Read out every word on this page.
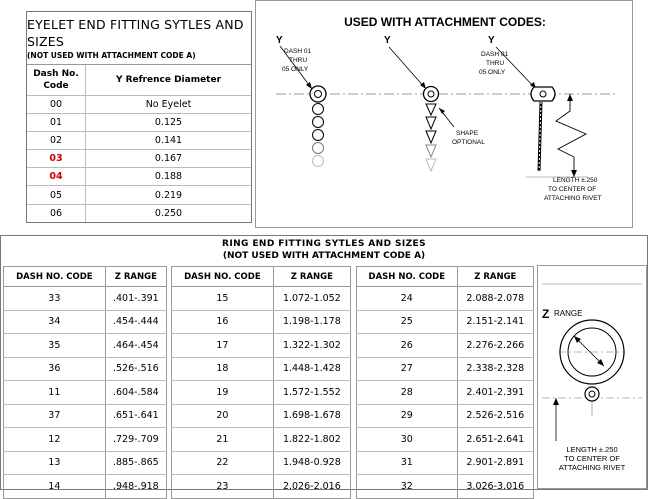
EYELET END FITTING SYTLES AND SIZES
(NOT USED WITH ATTACHMENT CODE A)
Dash No. Code	Y Refrence Diameter
00	No Eyelet
01	0.125
02	0.141
03	0.167
04	0.188
05	0.219
06	0.250
USED WITH ATTACHMENT CODES:
Y
DASH 01
THRU
05 ONLY
Y
SHAPE
OPTIONAL
Y
DASH 01
THRU
05 ONLY
LENGTH ±.250
TO CENTER OF
ATTACHING RIVET
RING END FITTING SYTLES AND SIZES
(NOT USED WITH ATTACHMENT CODE A)
DASH NO. CODE	Z RANGE
33	.401-.391
34	.454-.444
35	.464-.454
36	.526-.516
11	.604-.584
37	.651-.641
12	.729-.709
13	.885-.865
14	.948-.918
DASH NO. CODE	Z RANGE
15	1.072-1.052
16	1.198-1.178
17	1.322-1.302
18	1.448-1.428
19	1.572-1.552
20	1.698-1.678
21	1.822-1.802
22	1.948-0.928
23	2.026-2.016
DASH NO. CODE	Z RANGE
24	2.088-2.078
25	2.151-2.141
26	2.276-2.266
27	2.338-2.328
28	2.401-2.391
29	2.526-2.516
30	2.651-2.641
31	2.901-2.891
32	3.026-3.016
Z RANGE
LENGTH ±.250
TO CENTER OF
ATTACHING RIVET
